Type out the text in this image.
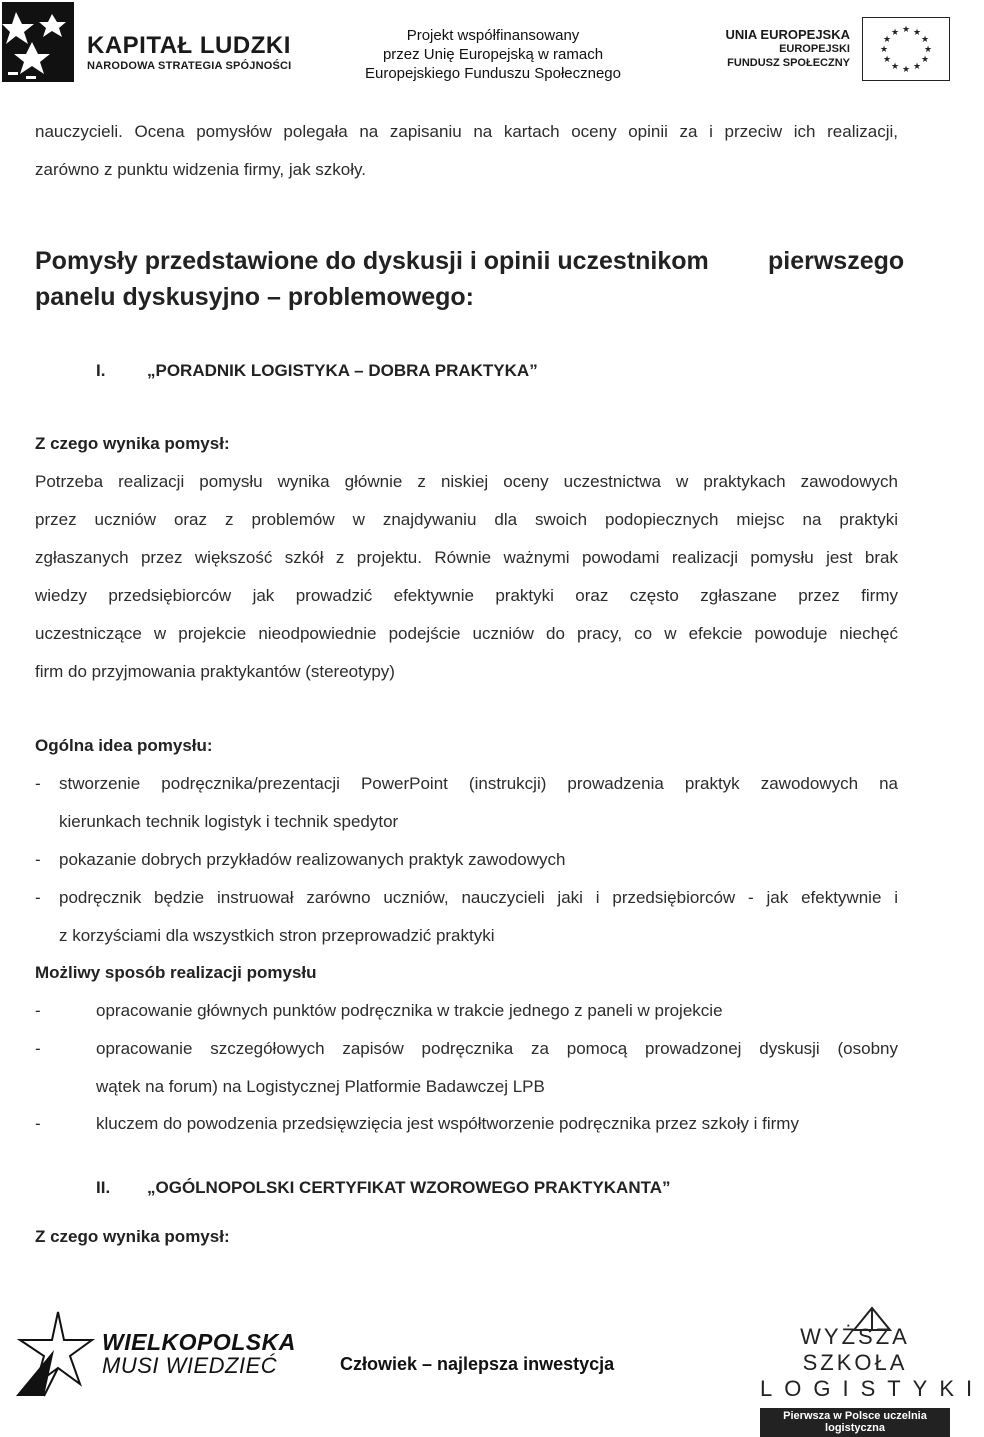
KAPITAŁ LUDZKI
NARODOWA STRATEGIA SPÓJNOŚCI
Projekt współfinansowany
przez Unię Europejską w ramach
Europejskiego Funduszu Społecznego
UNIA EUROPEJSKA
EUROPEJSKI
FUNDUSZ SPOŁECZNY
★ ★
★
★
★
★
★
★
★
★
★
★
nauczycieli. Ocena pomysłów polegała na zapisaniu na kartach oceny opinii za i przeciw ich realizacji,
zarówno z punktu widzenia firmy, jak szkoły.
Pomysły przedstawione do dyskusji i opinii uczestnikom pierwszego
panelu dyskusyjno – problemowego:
I. „PORADNIK LOGISTYKA – DOBRA PRAKTYKA”
Z czego wynika pomysł:
Potrzeba realizacji pomysłu wynika głównie z niskiej oceny uczestnictwa w praktykach zawodowych
przez uczniów oraz z problemów w znajdywaniu dla swoich podopiecznych miejsc na praktyki
zgłaszanych przez większość szkół z projektu. Równie ważnymi powodami realizacji pomysłu jest brak
wiedzy przedsiębiorców jak prowadzić efektywnie praktyki oraz często zgłaszane przez firmy
uczestniczące w projekcie nieodpowiednie podejście uczniów do pracy, co w efekcie powoduje niechęć
firm do przyjmowania praktykantów (stereotypy)
Ogólna idea pomysłu:
- stworzenie podręcznika/prezentacji PowerPoint (instrukcji) prowadzenia praktyk zawodowych na
kierunkach technik logistyk i technik spedytor
- pokazanie dobrych przykładów realizowanych praktyk zawodowych
- podręcznik będzie instruował zarówno uczniów, nauczycieli jaki i przedsiębiorców - jak efektywnie i
z korzyściami dla wszystkich stron przeprowadzić praktyki
Możliwy sposób realizacji pomysłu
-	opracowanie głównych punktów podręcznika w trakcie jednego z paneli w projekcie
-	opracowanie szczegółowych zapisów podręcznika za pomocą prowadzonej dyskusji (osobny
wątek na forum) na Logistycznej Platformie Badawczej LPB
-	kluczem do powodzenia przedsięwzięcia jest współtworzenie podręcznika przez szkoły i firmy
II. „OGÓLNOPOLSKI CERTYFIKAT WZOROWEGO PRAKTYKANTA”
Z czego wynika pomysł:
WIELKOPOLSKA
MUSI WIEDZIEĆ	Człowiek – najlepsza inwestycja
WYŻSZA SZKOŁA
LOGISTYKI
Pierwsza w Polsce uczelnia logistyczna
